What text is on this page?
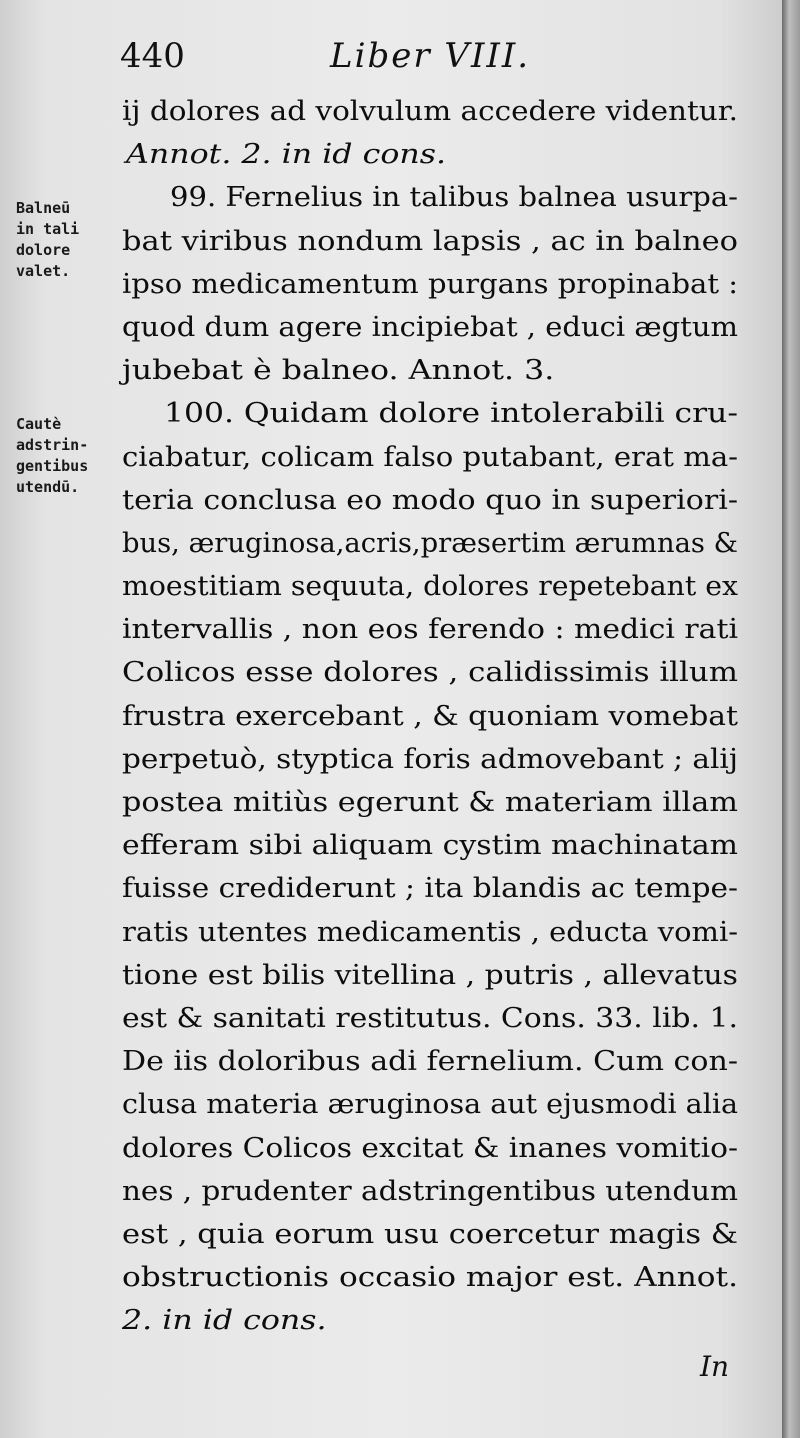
440	Liber VIII.
Balneū
in tali
dolore
valet.
Cautè
adstrin-
gentibus
utendū.
ij dolores ad volvulum accedere videntur.
Annot. 2. in id cons.
99. Fernelius in talibus balnea usurpa-
bat viribus nondum lapsis , ac in balneo
ipso medicamentum purgans propinabat :
quod dum agere incipiebat , educi ægtum
jubebat è balneo. Annot. 3.
100. Quidam dolore intolerabili cru-
ciabatur, colicam falso putabant, erat ma-
teria conclusa eo modo quo in superiori-
bus, æruginosa,acris,præsertim ærumnas &
moestitiam sequuta, dolores repetebant ex
intervallis , non eos ferendo : medici rati
Colicos esse dolores , calidissimis illum
frustra exercebant , & quoniam vomebat
perpetuò, styptica foris admovebant ; alij
postea mitiùs egerunt & materiam illam
efferam sibi aliquam cystim machinatam
fuisse crediderunt ; ita blandis ac tempe-
ratis utentes medicamentis , educta vomi-
tione est bilis vitellina , putris , allevatus
est & sanitati restitutus. Cons. 33. lib. 1.
De iis doloribus adi fernelium. Cum con-
clusa materia æruginosa aut ejusmodi alia
dolores Colicos excitat & inanes vomitio-
nes , prudenter adstringentibus utendum
est , quia eorum usu coercetur magis &
obstructionis occasio major est. Annot.
2. in id cons.
In
